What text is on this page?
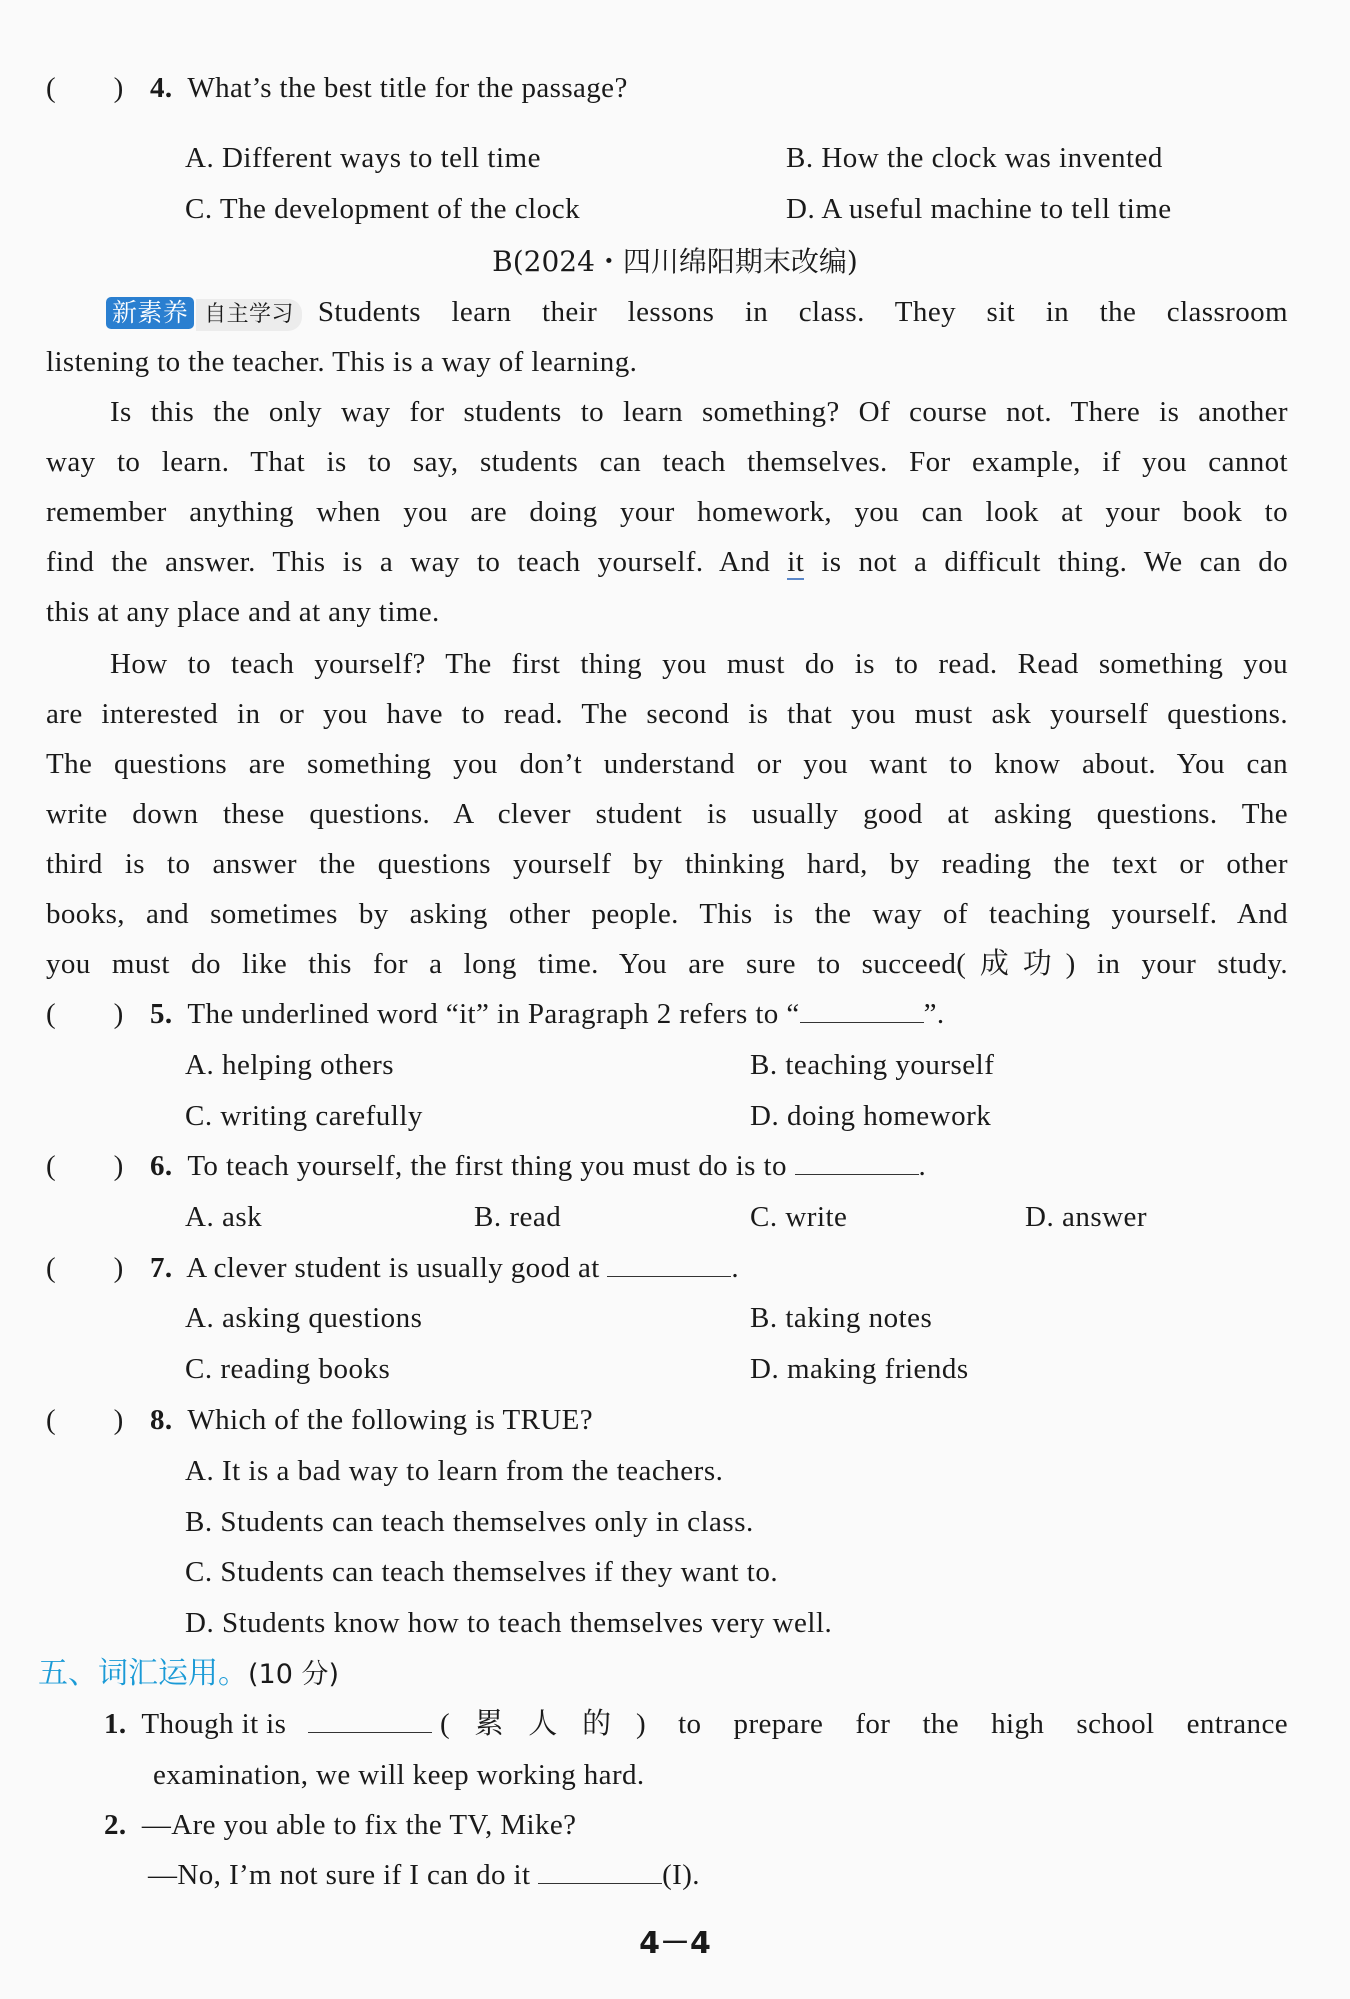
(　　) 4. What’s the best title for the passage?
A. Different ways to tell time	B. How the clock was invented
C. The development of the clock	D. A useful machine to tell time
B(2024・四川绵阳期末改编)
新素养 自主学习 Students learn their lessons in class. They sit in the classroom
listening to the teacher. This is a way of learning.
Is this the only way for students to learn something? Of course not. There is another
way to learn. That is to say, students can teach themselves. For example, if you cannot
remember anything when you are doing your homework, you can look at your book to
find the answer. This is a way to teach yourself. And it is not a difficult thing. We can do
this at any place and at any time.
How to teach yourself? The first thing you must do is to read. Read something you
are interested in or you have to read. The second is that you must ask yourself questions.
The questions are something you don’t understand or you want to know about. You can
write down these questions. A clever student is usually good at asking questions. The
third is to answer the questions yourself by thinking hard, by reading the text or other
books, and sometimes by asking other people. This is the way of teaching yourself. And
you must do like this for a long time. You are sure to succeed(成功) in your study.
(　　) 5. The underlined word “it” in Paragraph 2 refers to “	”.
A. helping others	B. teaching yourself
C. writing carefully	D. doing homework
(　　) 6. To teach yourself, the first thing you must do is to	.
A. ask	B. read	C. write	D. answer
(　　) 7. A clever student is usually good at	.
A. asking questions	B. taking notes
C. reading books	D. making friends
(　　) 8. Which of the following is TRUE?
A. It is a bad way to learn from the teachers.
B. Students can teach themselves only in class.
C. Students can teach themselves if they want to.
D. Students know how to teach themselves very well.
五、词汇运用。(10 分)
1. Though it is	(累人的) to prepare for the high school entrance
examination, we will keep working hard.
2. —Are you able to fix the TV, Mike?
—No, I’m not sure if I can do it	(I).
4－4
